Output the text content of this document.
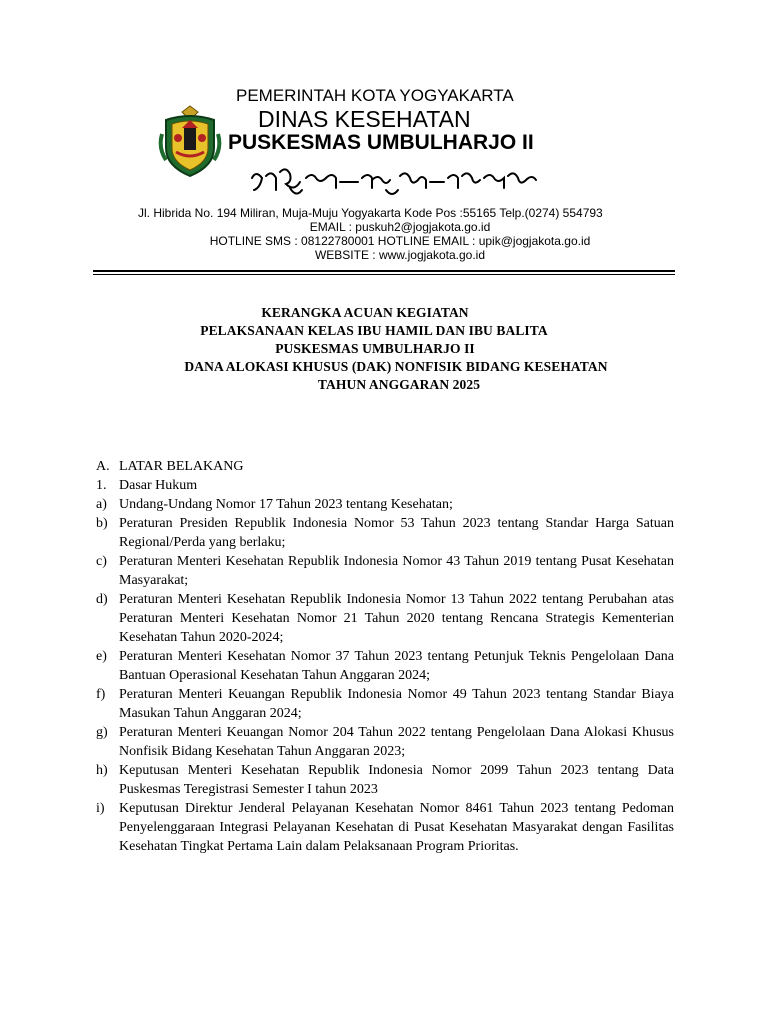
PEMERINTAH KOTA YOGYAKARTA
DINAS KESEHATAN
PUSKESMAS UMBULHARJO II
Jl. Hibrida No. 194 Miliran, Muja-Muju Yogyakarta Kode Pos :55165 Telp.(0274) 554793
EMAIL : puskuh2@jogjakota.go.id
HOTLINE SMS : 08122780001 HOTLINE EMAIL : upik@jogjakota.go.id
WEBSITE : www.jogjakota.go.id
KERANGKA ACUAN KEGIATAN
PELAKSANAAN KELAS IBU HAMIL DAN IBU BALITA
PUSKESMAS UMBULHARJO II
DANA ALOKASI KHUSUS (DAK) NONFISIK BIDANG KESEHATAN
TAHUN ANGGARAN 2025
A. LATAR BELAKANG
1. Dasar Hukum
a) Undang-Undang Nomor 17 Tahun 2023 tentang Kesehatan;
b) Peraturan Presiden Republik Indonesia Nomor 53 Tahun 2023 tentang Standar Harga Satuan Regional/Perda yang berlaku;
c) Peraturan Menteri Kesehatan Republik Indonesia Nomor 43 Tahun 2019 tentang Pusat Kesehatan Masyarakat;
d) Peraturan Menteri Kesehatan Republik Indonesia Nomor 13 Tahun 2022 tentang Perubahan atas Peraturan Menteri Kesehatan Nomor 21 Tahun 2020 tentang Rencana Strategis Kementerian Kesehatan Tahun 2020-2024;
e) Peraturan Menteri Kesehatan Nomor 37 Tahun 2023 tentang Petunjuk Teknis Pengelolaan Dana Bantuan Operasional Kesehatan Tahun Anggaran 2024;
f) Peraturan Menteri Keuangan Republik Indonesia Nomor 49 Tahun 2023 tentang Standar Biaya Masukan Tahun Anggaran 2024;
g) Peraturan Menteri Keuangan Nomor 204 Tahun 2022 tentang Pengelolaan Dana Alokasi Khusus Nonfisik Bidang Kesehatan Tahun Anggaran 2023;
h) Keputusan Menteri Kesehatan Republik Indonesia Nomor 2099 Tahun 2023 tentang Data Puskesmas Teregistrasi Semester I tahun 2023
i)	Keputusan Direktur Jenderal Pelayanan Kesehatan Nomor 8461 Tahun 2023 tentang Pedoman Penyelenggaraan Integrasi Pelayanan Kesehatan di Pusat Kesehatan Masyarakat dengan Fasilitas Kesehatan Tingkat Pertama Lain dalam Pelaksanaan Program Prioritas.
